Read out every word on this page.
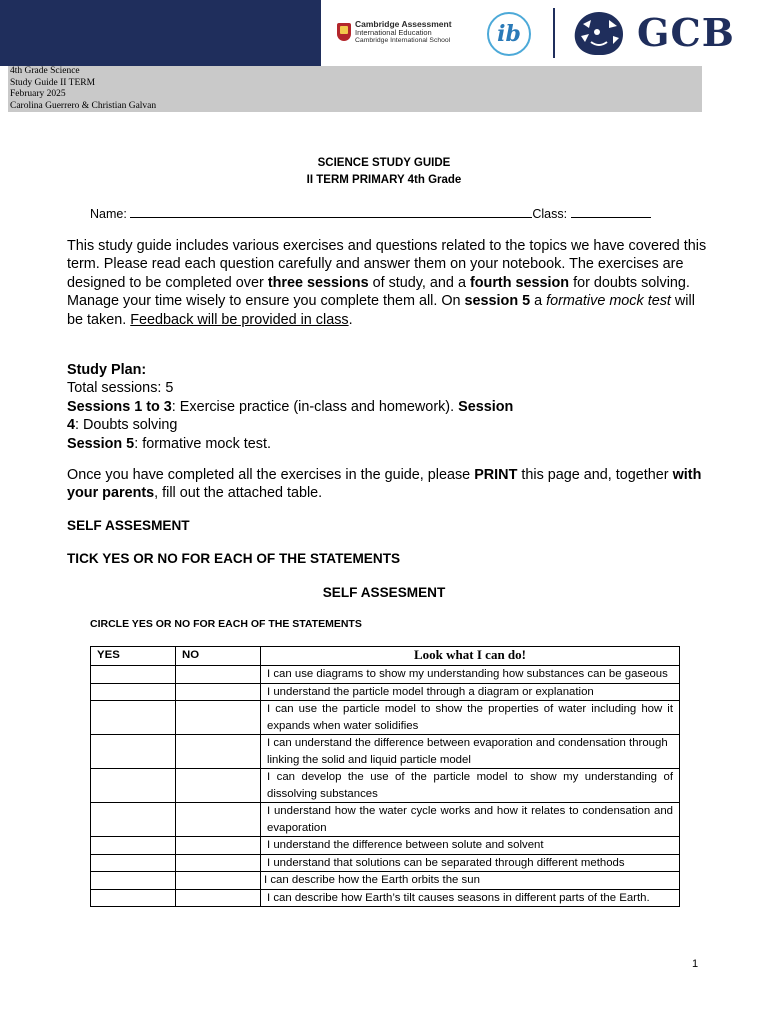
Cambridge Assessment
International Education
Cambridge International School ib	GCB
4th Grade Science
Study Guide II TERM
February 2025
Carolina Guerrero & Christian Galvan
SCIENCE STUDY GUIDE
II TERM PRIMARY 4th Grade
Name:	Class:
This study guide includes various exercises and questions related to the topics we have covered this term. Please read each question carefully and answer them on your notebook. The exercises are designed to be completed over three sessions of study, and a fourth session for doubts solving. Manage your time wisely to ensure you complete them all. On session 5 a formative mock test will be taken. Feedback will be provided in class.
Study Plan:
Total sessions: 5
Sessions 1 to 3: Exercise practice (in-class and homework). Session
4: Doubts solving
Session 5: formative mock test.
Once you have completed all the exercises in the guide, please PRINT this page and, together with your parents, fill out the attached table.
SELF ASSESMENT
TICK YES OR NO FOR EACH OF THE STATEMENTS
SELF ASSESMENT
CIRCLE YES OR NO FOR EACH OF THE STATEMENTS
YES	NO	Look what I can do!
		I can use diagrams to show my understanding how substances can be gaseous
		I understand the particle model through a diagram or explanation
		I can use the particle model to show the properties of water including how it expands when water solidifies
		I can understand the difference between evaporation and condensation through linking the solid and liquid particle model
		I can develop the use of the particle model to show my understanding of dissolving substances
		I understand how the water cycle works and how it relates to condensation and evaporation
		I understand the difference between solute and solvent
		I understand that solutions can be separated through different methods
		I can describe how the Earth orbits the sun
		I can describe how Earth’s tilt causes seasons in different parts of the Earth.
1
